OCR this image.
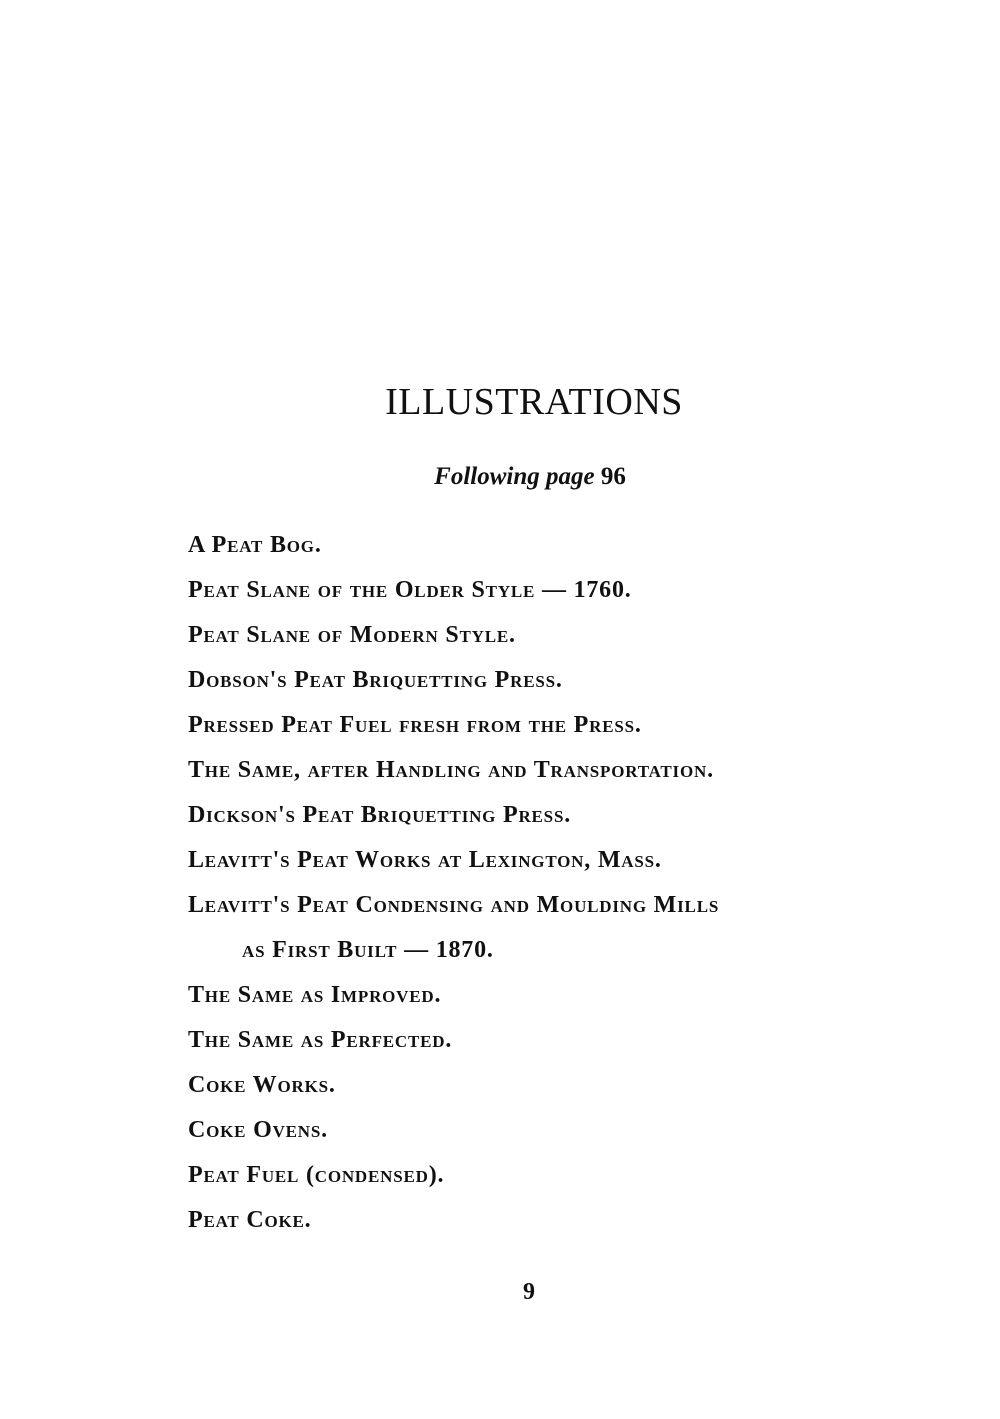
ILLUSTRATIONS
Following page 96
A Peat Bog.
Peat Slane of the Older Style — 1760.
Peat Slane of Modern Style.
Dobson's Peat Briquetting Press.
Pressed Peat Fuel fresh from the Press.
The Same, after Handling and Transportation.
Dickson's Peat Briquetting Press.
Leavitt's Peat Works at Lexington, Mass.
Leavitt's Peat Condensing and Moulding Mills
as First Built — 1870.
The Same as Improved.
The Same as Perfected.
Coke Works.
Coke Ovens.
Peat Fuel (condensed).
Peat Coke.
9
